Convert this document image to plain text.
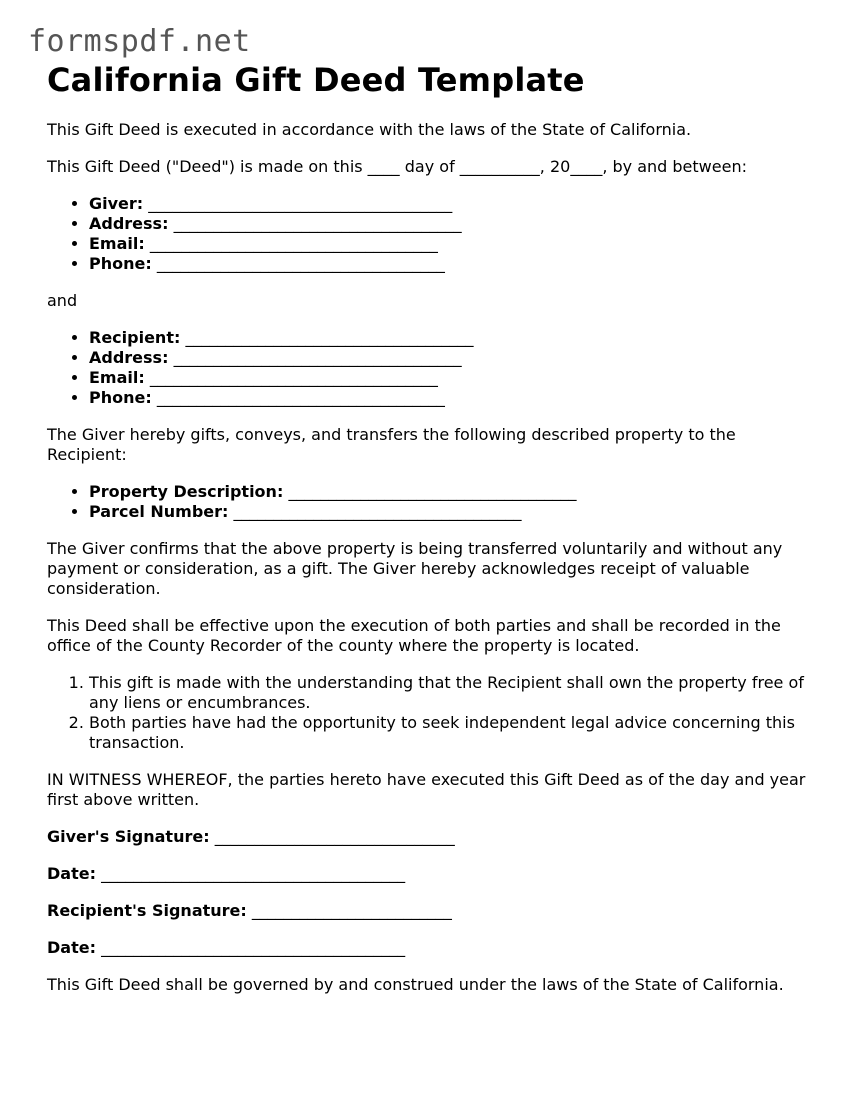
formspdf.net
California Gift Deed Template

This Gift Deed is executed in accordance with the laws of the State of California.

This Gift Deed ("Deed") is made on this ____ day of __________, 20____, by and between:

• Giver: ______________________________________
• Address: ____________________________________
• Email: ____________________________________
• Phone: ____________________________________

and

• Recipient: ____________________________________
• Address: ____________________________________
• Email: ____________________________________
• Phone: ____________________________________

The Giver hereby gifts, conveys, and transfers the following described property to the Recipient:

• Property Description: ____________________________________
• Parcel Number: ____________________________________

The Giver confirms that the above property is being transferred voluntarily and without any payment or consideration, as a gift. The Giver hereby acknowledges receipt of valuable consideration.

This Deed shall be effective upon the execution of both parties and shall be recorded in the office of the County Recorder of the county where the property is located.

1. This gift is made with the understanding that the Recipient shall own the property free of any liens or encumbrances.
2. Both parties have had the opportunity to seek independent legal advice concerning this transaction.

IN WITNESS WHEREOF, the parties hereto have executed this Gift Deed as of the day and year first above written.

Giver's Signature: ______________________________

Date: ______________________________________

Recipient's Signature: _________________________

Date: ______________________________________

This Gift Deed shall be governed by and construed under the laws of the State of California.
